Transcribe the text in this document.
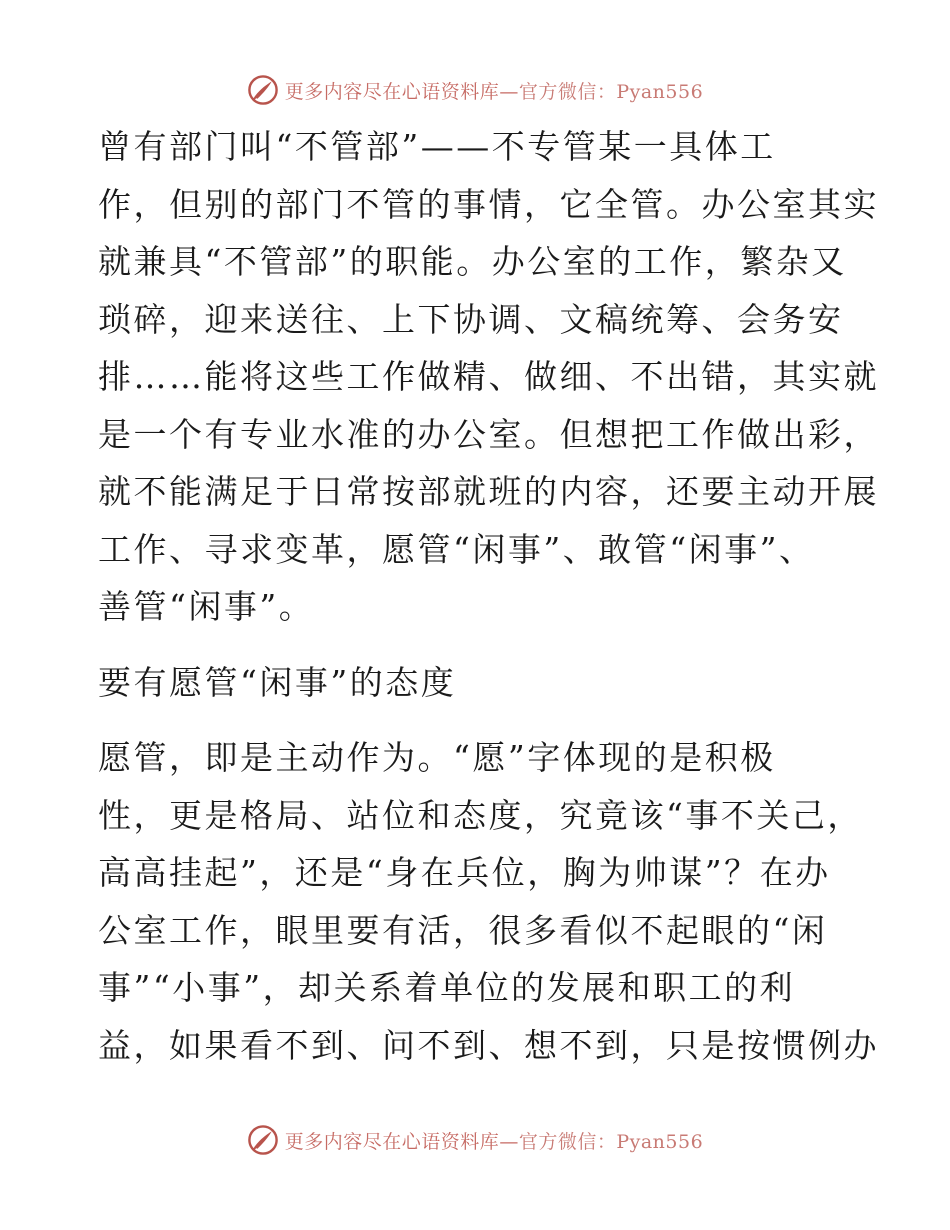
更多内容尽在心语资料库—官方微信：Pyan556

曾有部门叫“不管部”——不专管某一具体工
作，但别的部门不管的事情，它全管。办公室其实
就兼具“不管部”的职能。办公室的工作，繁杂又
琐碎，迎来送往、上下协调、文稿统筹、会务安
排……能将这些工作做精、做细、不出错，其实就
是一个有专业水准的办公室。但想把工作做出彩，
就不能满足于日常按部就班的内容，还要主动开展
工作、寻求变革，愿管“闲事”、敢管“闲事”、
善管“闲事”。

要有愿管“闲事”的态度

愿管，即是主动作为。“愿”字体现的是积极
性，更是格局、站位和态度，究竟该“事不关己，
高高挂起”，还是“身在兵位，胸为帅谋”？在办
公室工作，眼里要有活，很多看似不起眼的“闲
事”“小事”，却关系着单位的发展和职工的利
益，如果看不到、问不到、想不到，只是按惯例办

更多内容尽在心语资料库—官方微信：Pyan556
